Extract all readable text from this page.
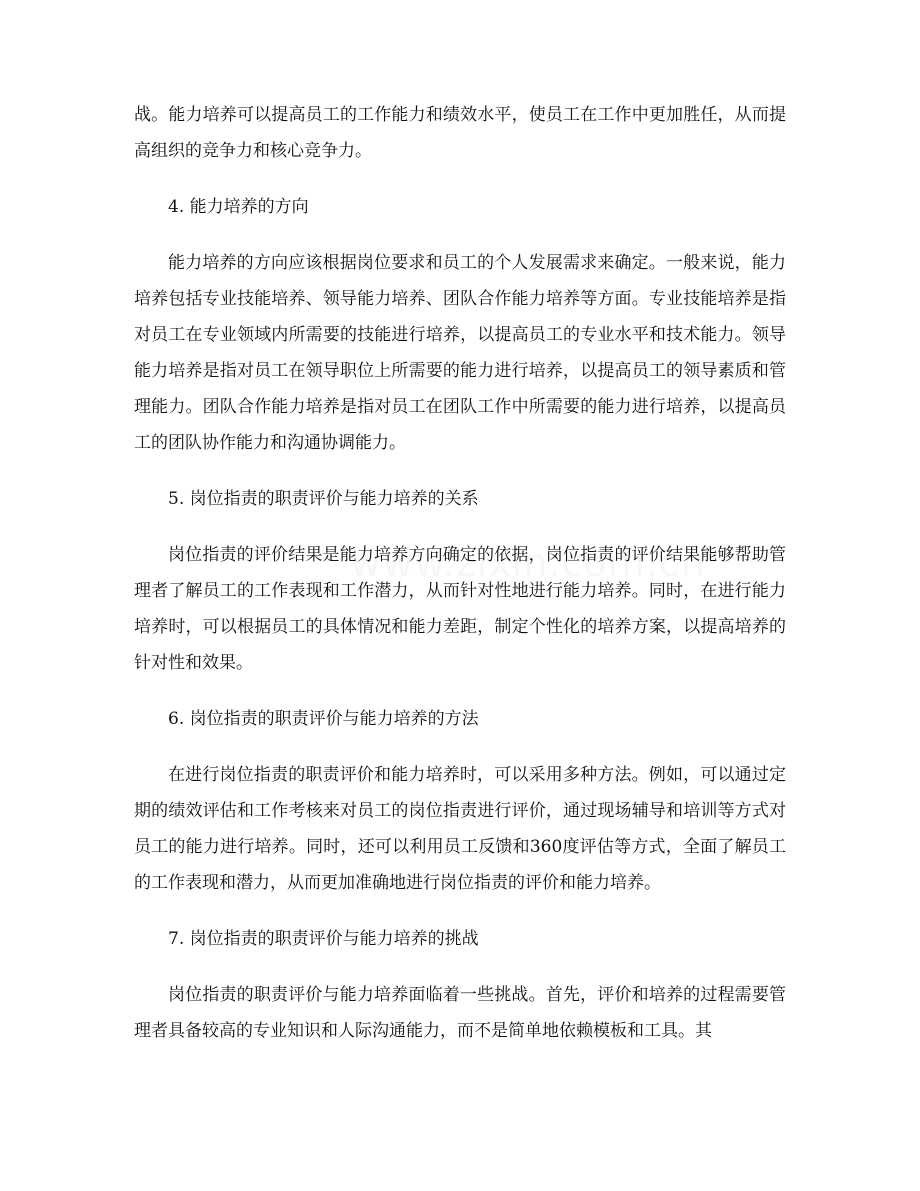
战。能力培养可以提高员工的工作能力和绩效水平，使员工在工作中更加胜任，从而提高组织的竞争力和核心竞争力。

4. 能力培养的方向

能力培养的方向应该根据岗位要求和员工的个人发展需求来确定。一般来说，能力培养包括专业技能培养、领导能力培养、团队合作能力培养等方面。专业技能培养是指对员工在专业领域内所需要的技能进行培养，以提高员工的专业水平和技术能力。领导能力培养是指对员工在领导职位上所需要的能力进行培养，以提高员工的领导素质和管理能力。团队合作能力培养是指对员工在团队工作中所需要的能力进行培养，以提高员工的团队协作能力和沟通协调能力。

5. 岗位指责的职责评价与能力培养的关系

岗位指责的评价结果是能力培养方向确定的依据，岗位指责的评价结果能够帮助管理者了解员工的工作表现和工作潜力，从而针对性地进行能力培养。同时，在进行能力培养时，可以根据员工的具体情况和能力差距，制定个性化的培养方案，以提高培养的针对性和效果。

6. 岗位指责的职责评价与能力培养的方法

在进行岗位指责的职责评价和能力培养时，可以采用多种方法。例如，可以通过定期的绩效评估和工作考核来对员工的岗位指责进行评价，通过现场辅导和培训等方式对员工的能力进行培养。同时，还可以利用员工反馈和360度评估等方式，全面了解员工的工作表现和潜力，从而更加准确地进行岗位指责的评价和能力培养。

7. 岗位指责的职责评价与能力培养的挑战

岗位指责的职责评价与能力培养面临着一些挑战。首先，评价和培养的过程需要管理者具备较高的专业知识和人际沟通能力，而不是简单地依赖模板和工具。其
